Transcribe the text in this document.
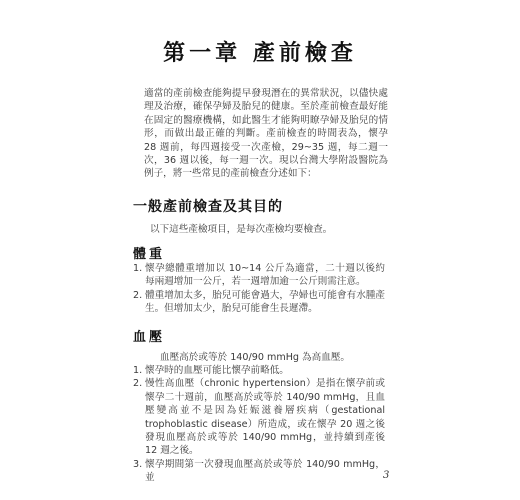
第一章 產前檢查

適當的產前檢查能夠提早發現潛在的異常狀況，以儘快處理及治療，確保孕婦及胎兒的健康。至於產前檢查最好能在固定的醫療機構，如此醫生才能夠明瞭孕婦及胎兒的情形，而做出最正確的判斷。產前檢查的時間表為，懷孕 28 週前，每四週接受一次產檢，29~35 週，每二週一次，36 週以後，每一週一次。現以台灣大學附設醫院為例子，將一些常見的產前檢查分述如下：

一般產前檢查及其目的
以下這些產檢項目，是每次產檢均要檢查。
體重
1. 懷孕總體重增加以 10~14 公斤為適當，二十週以後約每兩週增加一公斤，若一週增加逾一公斤則需注意。
2. 體重增加太多，胎兒可能會過大，孕婦也可能會有水腫產生。但增加太少，胎兒可能會生長遲滯。
血壓
血壓高於或等於 140/90 mmHg 為高血壓。
1. 懷孕時的血壓可能比懷孕前略低。
2. 慢性高血壓（chronic hypertension）是指在懷孕前或懷孕二十週前，血壓高於或等於 140/90 mmHg，且血壓變高並不是因為妊娠滋養層疾病（gestational trophoblastic disease）所造成，或在懷孕 20 週之後發現血壓高於或等於 140/90 mmHg，並持續到產後 12 週之後。
3. 懷孕期間第一次發現血壓高於或等於 140/90 mmHg，並	3
